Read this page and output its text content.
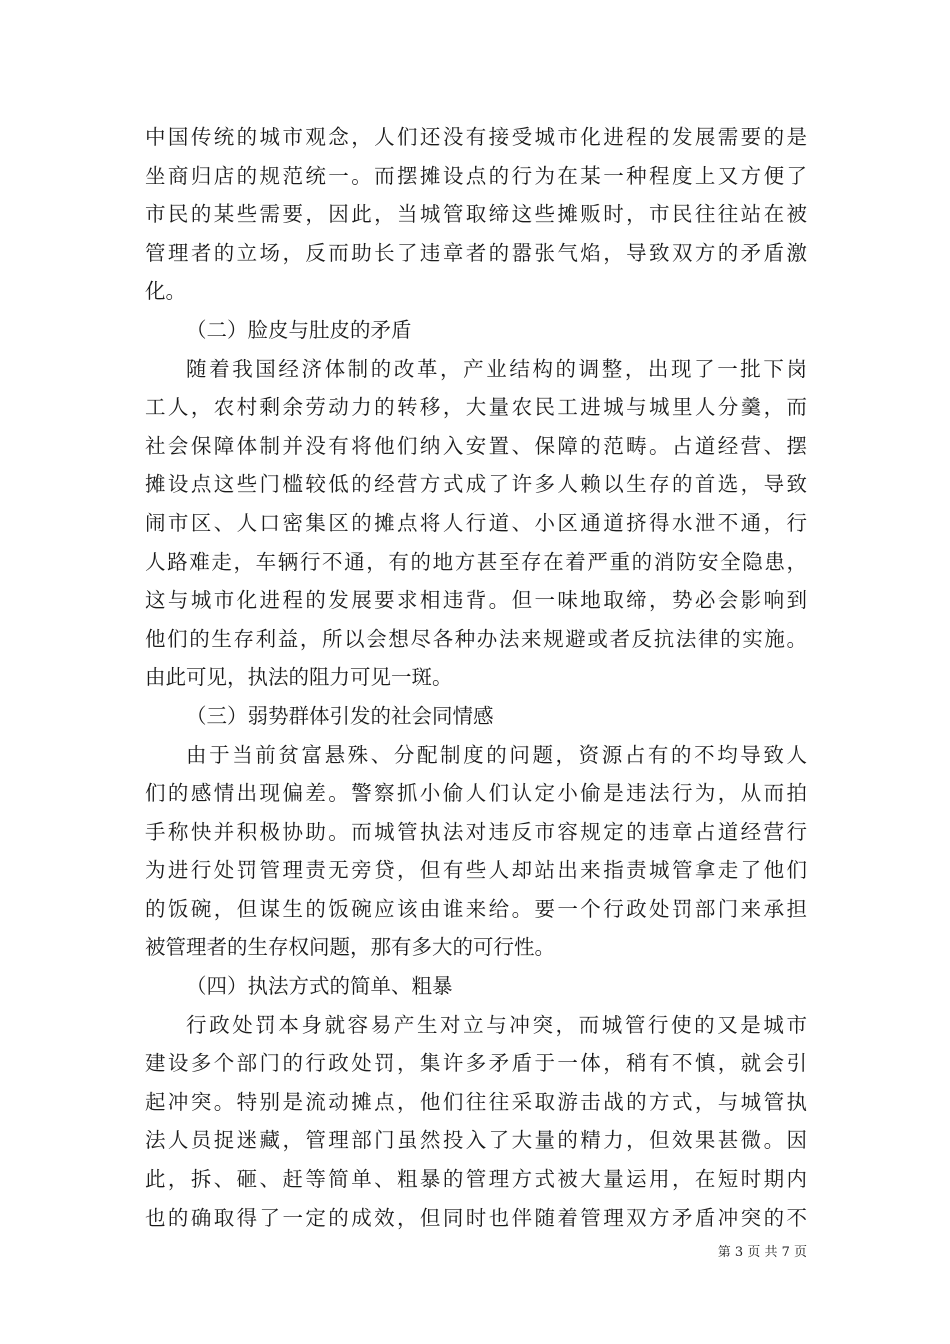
中国传统的城市观念，人们还没有接受城市化进程的发展需要的是
坐商归店的规范统一。而摆摊设点的行为在某一种程度上又方便了
市民的某些需要，因此，当城管取缔这些摊贩时，市民往往站在被
管理者的立场，反而助长了违章者的嚣张气焰，导致双方的矛盾激
化。
（二）脸皮与肚皮的矛盾
随着我国经济体制的改革，产业结构的调整，出现了一批下岗
工人，农村剩余劳动力的转移，大量农民工进城与城里人分羹，而
社会保障体制并没有将他们纳入安置、保障的范畴。占道经营、摆
摊设点这些门槛较低的经营方式成了许多人赖以生存的首选，导致
闹市区、人口密集区的摊点将人行道、小区通道挤得水泄不通，行
人路难走，车辆行不通，有的地方甚至存在着严重的消防安全隐患，
这与城市化进程的发展要求相违背。但一味地取缔，势必会影响到
他们的生存利益，所以会想尽各种办法来规避或者反抗法律的实施。
由此可见，执法的阻力可见一斑。
（三）弱势群体引发的社会同情感
由于当前贫富悬殊、分配制度的问题，资源占有的不均导致人
们的感情出现偏差。警察抓小偷人们认定小偷是违法行为，从而拍
手称快并积极协助。而城管执法对违反市容规定的违章占道经营行
为进行处罚管理责无旁贷，但有些人却站出来指责城管拿走了他们
的饭碗，但谋生的饭碗应该由谁来给。要一个行政处罚部门来承担
被管理者的生存权问题，那有多大的可行性。
（四）执法方式的简单、粗暴
行政处罚本身就容易产生对立与冲突，而城管行使的又是城市
建设多个部门的行政处罚，集许多矛盾于一体，稍有不慎，就会引
起冲突。特别是流动摊点，他们往往采取游击战的方式，与城管执
法人员捉迷藏，管理部门虽然投入了大量的精力，但效果甚微。因
此，拆、砸、赶等简单、粗暴的管理方式被大量运用，在短时期内
也的确取得了一定的成效，但同时也伴随着管理双方矛盾冲突的不
第 3 页 共 7 页
